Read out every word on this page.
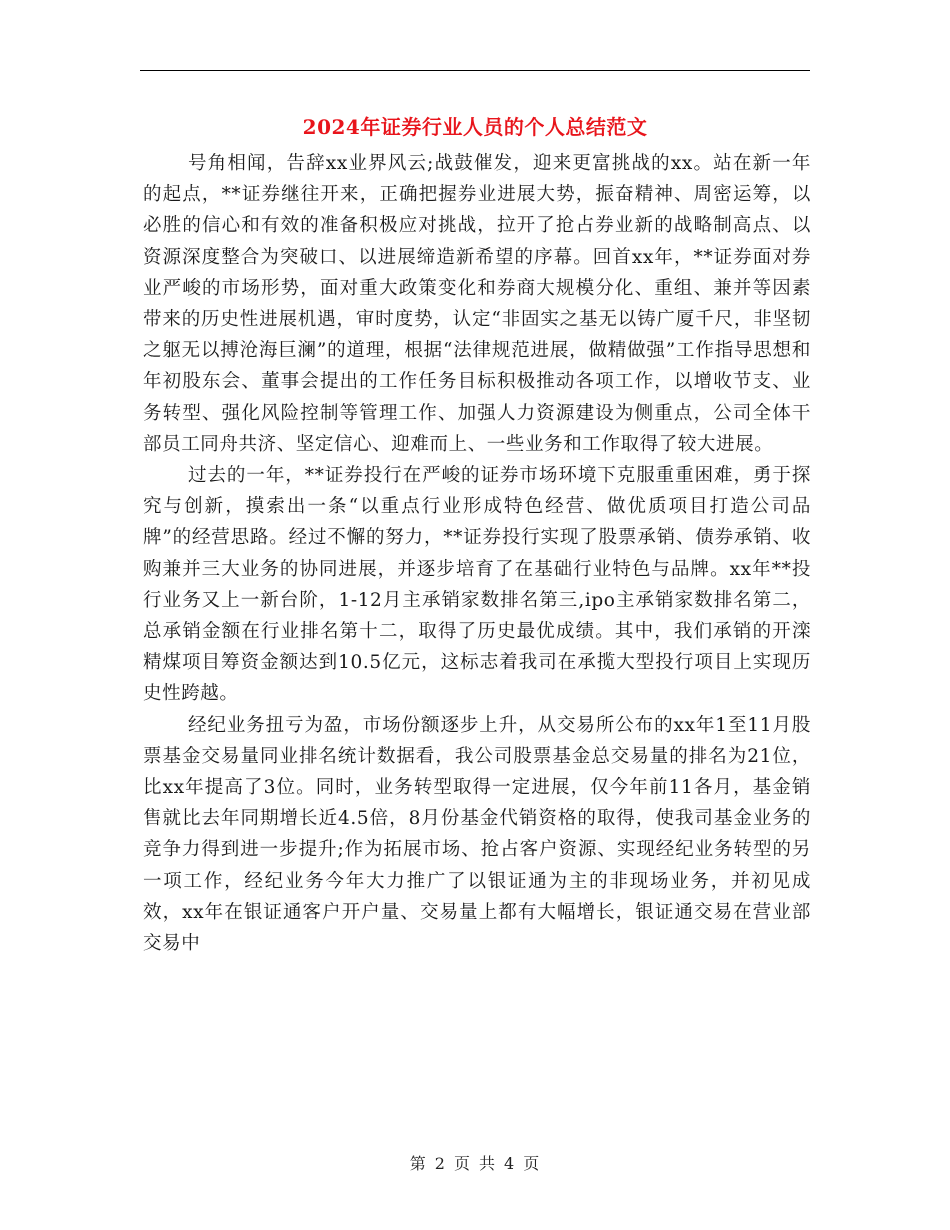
2024年证券行业人员的个人总结范文

号角相闻，告辞xx业界风云;战鼓催发，迎来更富挑战的xx。站在新一年的起点，**证券继往开来，正确把握券业进展大势，振奋精神、周密运筹，以必胜的信心和有效的准备积极应对挑战，拉开了抢占券业新的战略制高点、以资源深度整合为突破口、以进展缔造新希望的序幕。回首xx年，**证券面对券业严峻的市场形势，面对重大政策变化和券商大规模分化、重组、兼并等因素带来的历史性进展机遇，审时度势，认定“非固实之基无以铸广厦千尺，非坚韧之躯无以搏沧海巨澜”的道理，根据“法律规范进展，做精做强”工作指导思想和年初股东会、董事会提出的工作任务目标积极推动各项工作，以增收节支、业务转型、强化风险控制等管理工作、加强人力资源建设为侧重点，公司全体干部员工同舟共济、坚定信心、迎难而上、一些业务和工作取得了较大进展。

过去的一年，**证券投行在严峻的证券市场环境下克服重重困难，勇于探究与创新，摸索出一条“以重点行业形成特色经营、做优质项目打造公司品牌”的经营思路。经过不懈的努力，**证券投行实现了股票承销、债券承销、收购兼并三大业务的协同进展，并逐步培育了在基础行业特色与品牌。xx年**投行业务又上一新台阶，1-12月主承销家数排名第三,ipo主承销家数排名第二，总承销金额在行业排名第十二，取得了历史最优成绩。其中，我们承销的开滦精煤项目筹资金额达到10.5亿元，这标志着我司在承揽大型投行项目上实现历史性跨越。

经纪业务扭亏为盈，市场份额逐步上升，从交易所公布的xx年1至11月股票基金交易量同业排名统计数据看，我公司股票基金总交易量的排名为21位，比xx年提高了3位。同时，业务转型取得一定进展，仅今年前11各月，基金销售就比去年同期增长近4.5倍，8月份基金代销资格的取得，使我司基金业务的竞争力得到进一步提升;作为拓展市场、抢占客户资源、实现经纪业务转型的另一项工作，经纪业务今年大力推广了以银证通为主的非现场业务，并初见成效，xx年在银证通客户开户量、交易量上都有大幅增长，银证通交易在营业部交易中

第 2 页 共 4 页
